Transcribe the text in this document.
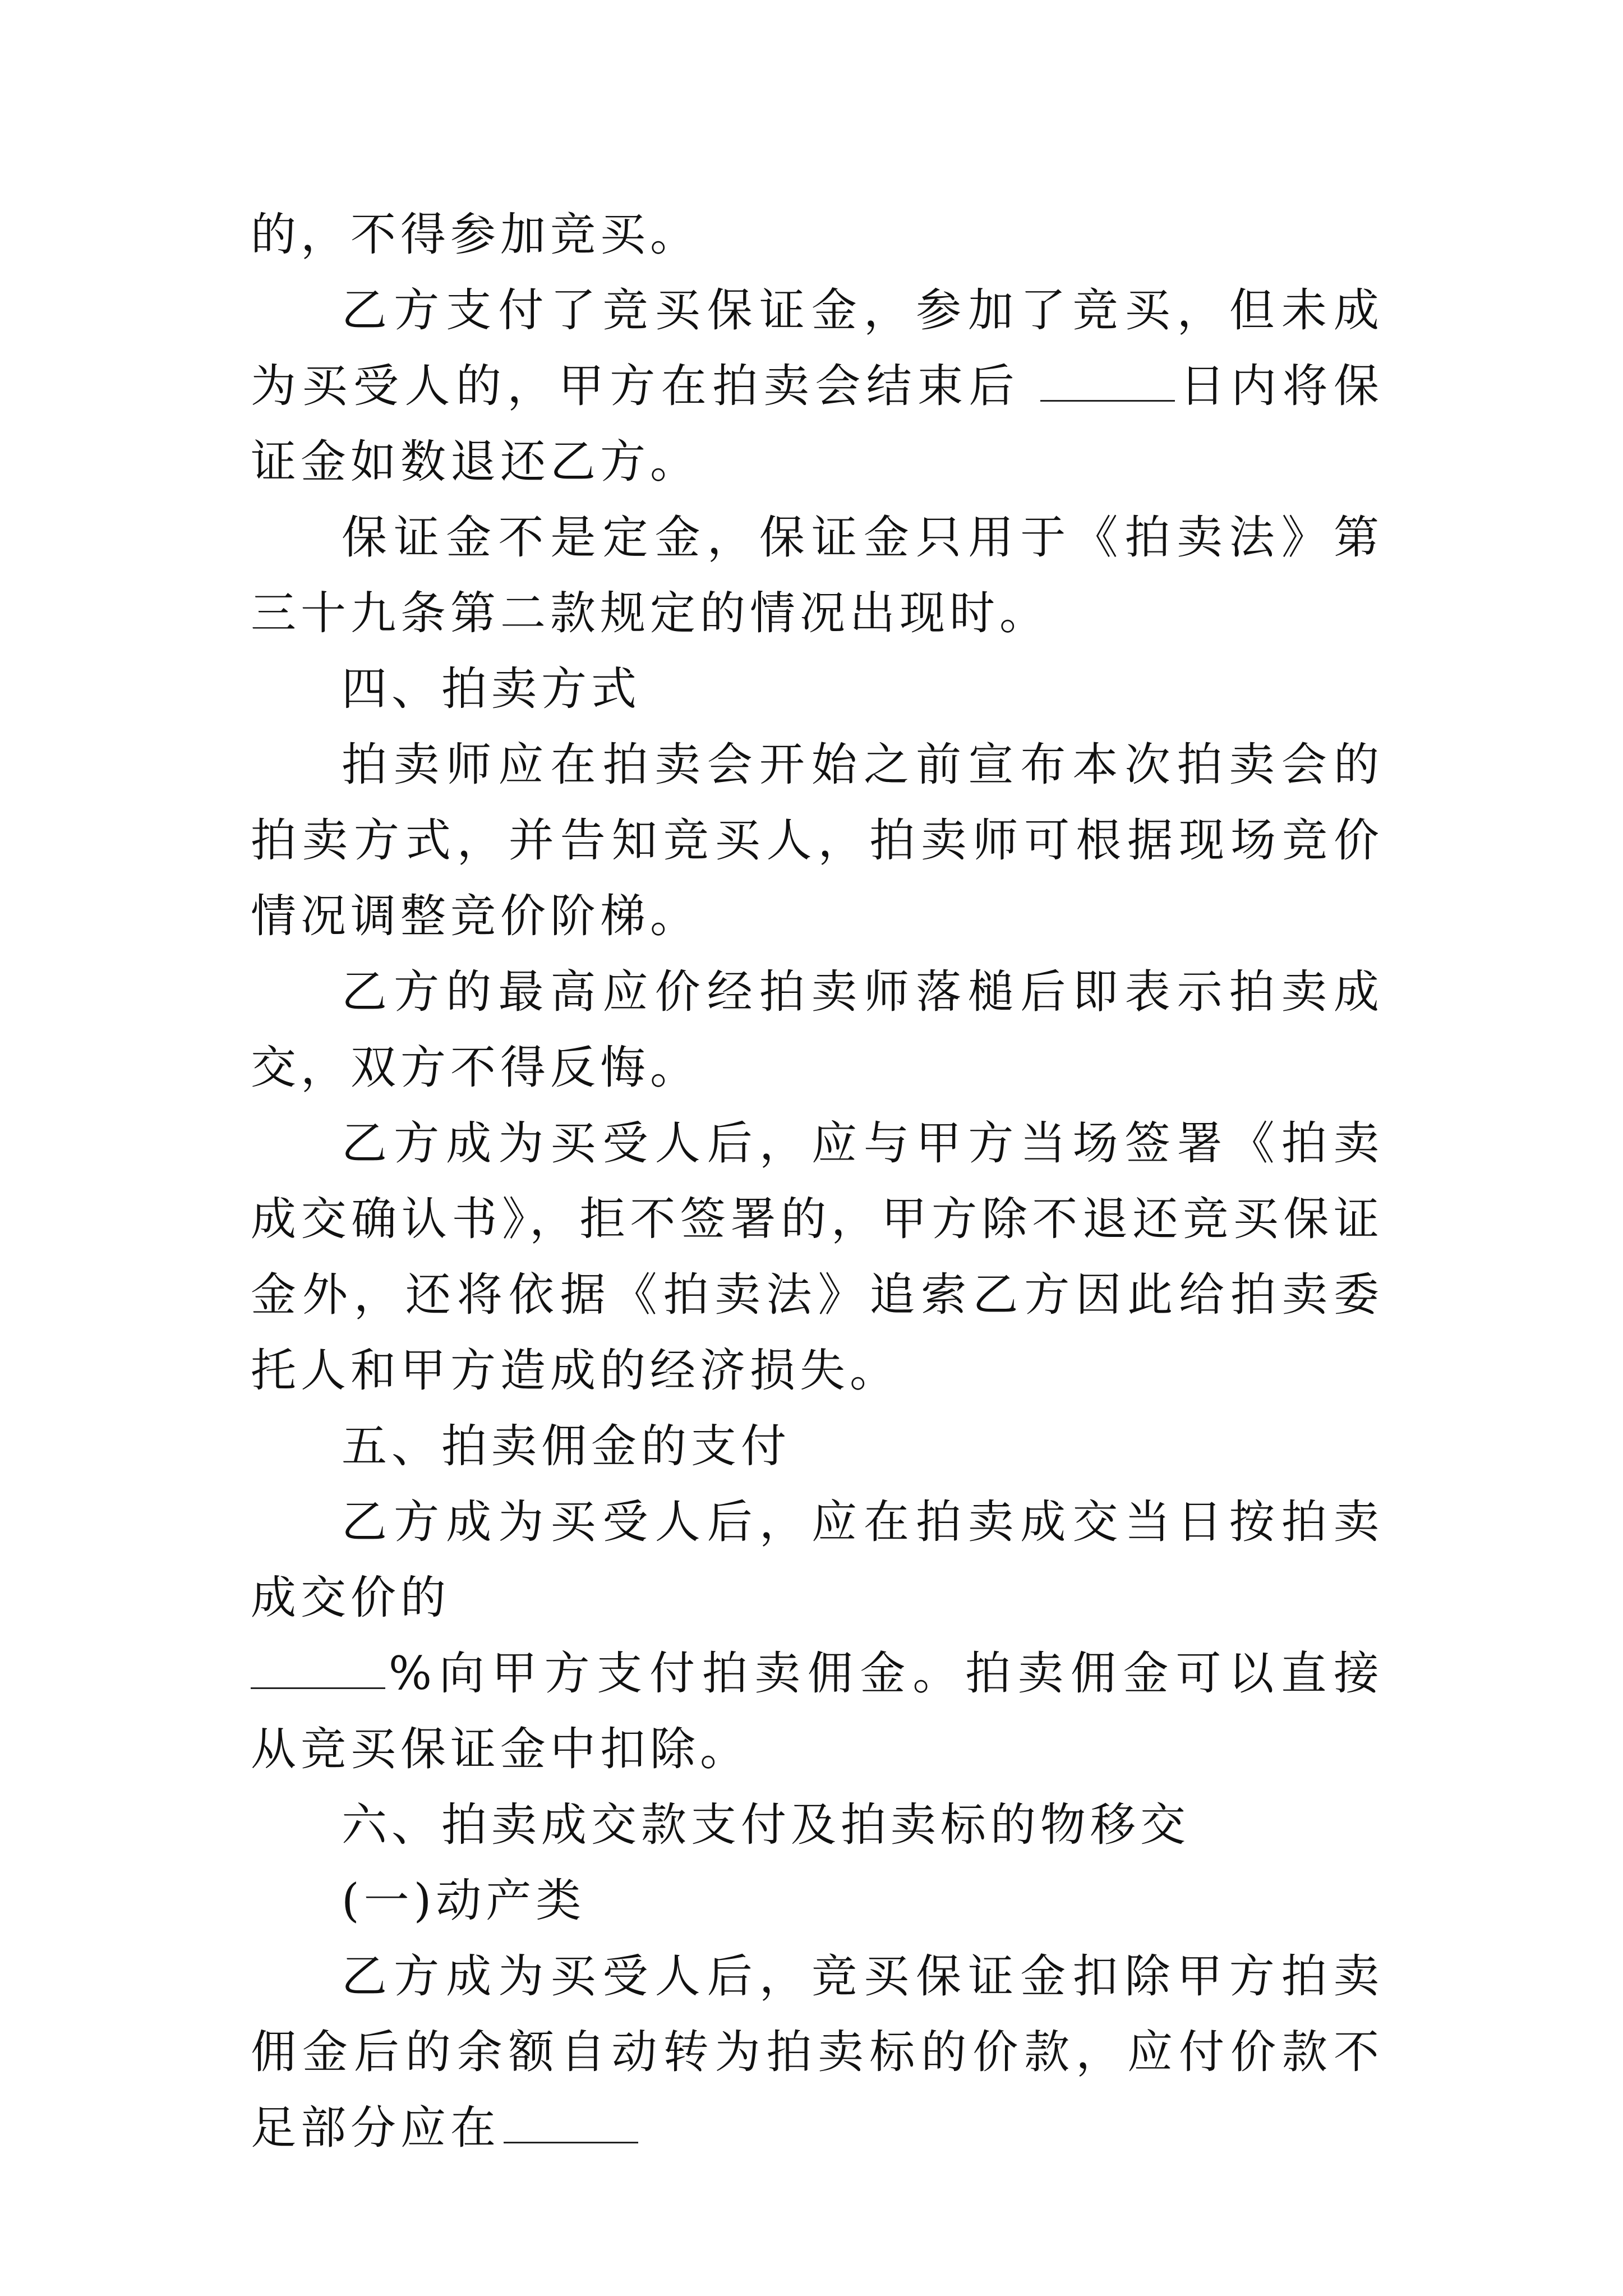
的，不得参加竞买。

乙方支付了竞买保证金，参加了竞买，但未成为买受人的，甲方在拍卖会结束后	日内将保证金如数退还乙方。

保证金不是定金，保证金只用于《拍卖法》第三十九条第二款规定的情况出现时。

四、拍卖方式

拍卖师应在拍卖会开始之前宣布本次拍卖会的拍卖方式，并告知竞买人，拍卖师可根据现场竞价情况调整竞价阶梯。

乙方的最高应价经拍卖师落槌后即表示拍卖成交，双方不得反悔。

乙方成为买受人后，应与甲方当场签署《拍卖成交确认书》，拒不签署的，甲方除不退还竞买保证金外，还将依据《拍卖法》追索乙方因此给拍卖委托人和甲方造成的经济损失。

五、拍卖佣金的支付

乙方成为买受人后，应在拍卖成交当日按拍卖成交价的

%向甲方支付拍卖佣金。拍卖佣金可以直接从竞买保证金中扣除。

六、拍卖成交款支付及拍卖标的物移交

(一)动产类

乙方成为买受人后，竞买保证金扣除甲方拍卖佣金后的余额自动转为拍卖标的价款，应付价款不足部分应在
